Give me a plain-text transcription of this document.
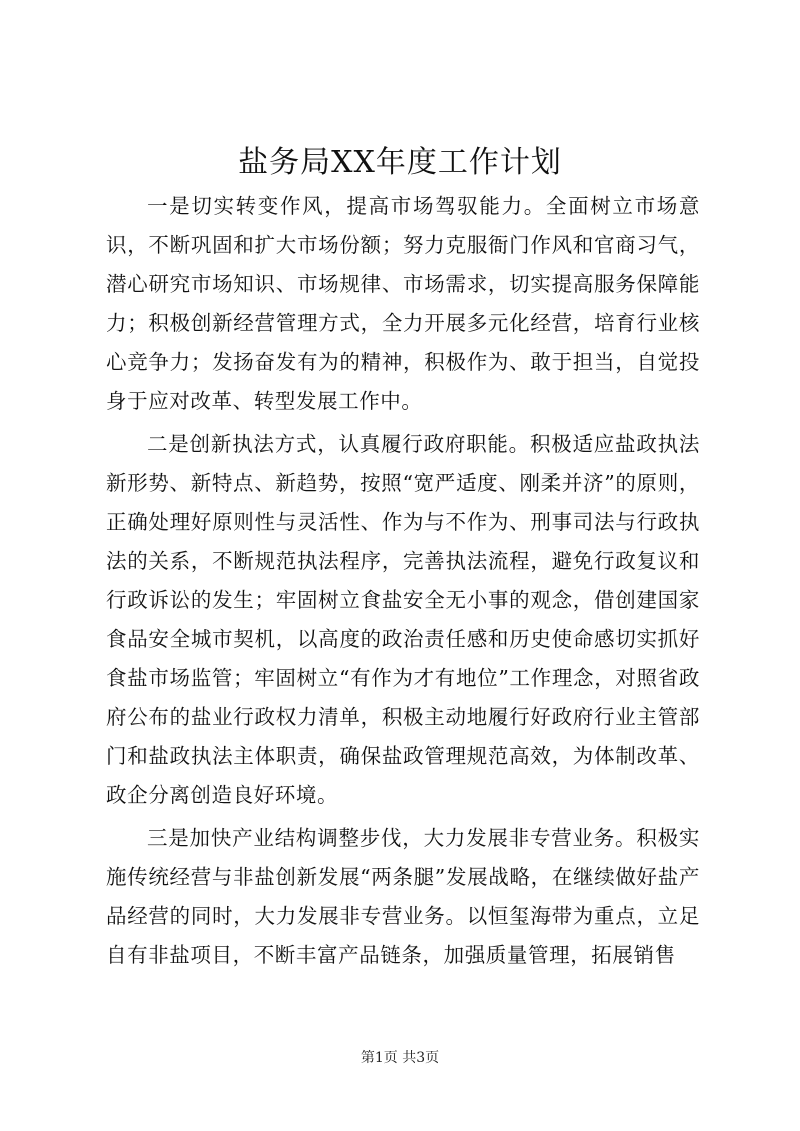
盐务局XX年度工作计划

一是切实转变作风，提高市场驾驭能力。全面树立市场意识，不断巩固和扩大市场份额；努力克服衙门作风和官商习气，潜心研究市场知识、市场规律、市场需求，切实提高服务保障能力；积极创新经营管理方式，全力开展多元化经营，培育行业核心竞争力；发扬奋发有为的精神，积极作为、敢于担当，自觉投身于应对改革、转型发展工作中。

二是创新执法方式，认真履行政府职能。积极适应盐政执法新形势、新特点、新趋势，按照“宽严适度、刚柔并济”的原则，正确处理好原则性与灵活性、作为与不作为、刑事司法与行政执法的关系，不断规范执法程序，完善执法流程，避免行政复议和行政诉讼的发生；牢固树立食盐安全无小事的观念，借创建国家食品安全城市契机，以高度的政治责任感和历史使命感切实抓好食盐市场监管；牢固树立“有作为才有地位”工作理念，对照省政府公布的盐业行政权力清单，积极主动地履行好政府行业主管部门和盐政执法主体职责，确保盐政管理规范高效，为体制改革、政企分离创造良好环境。

三是加快产业结构调整步伐，大力发展非专营业务。积极实施传统经营与非盐创新发展“两条腿”发展战略，在继续做好盐产品经营的同时，大力发展非专营业务。以恒玺海带为重点，立足自有非盐项目，不断丰富产品链条，加强质量管理，拓展销售

第1页 共3页
